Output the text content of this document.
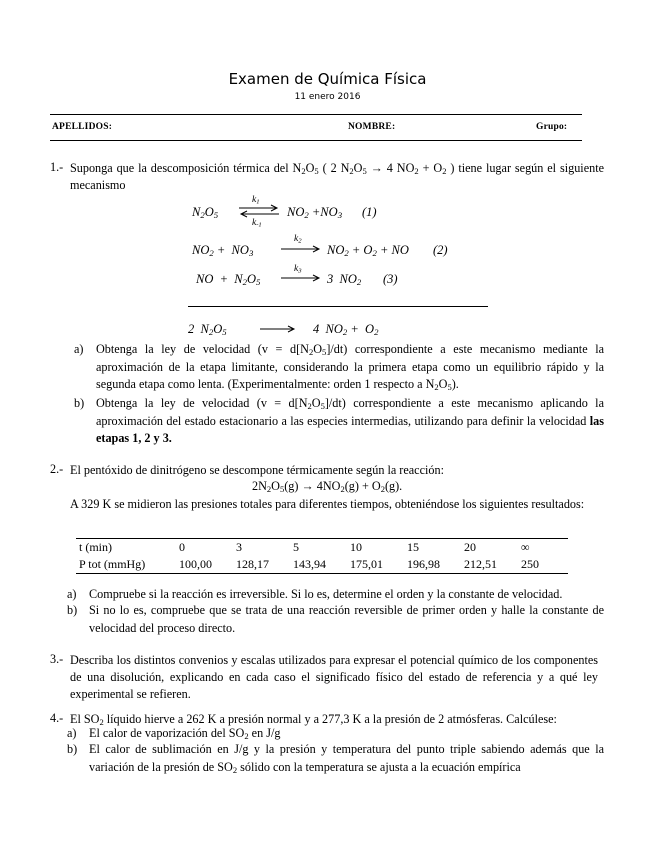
Examen de Química Física
11 enero 2016
APELLIDOS:	NOMBRE:	Grupo:
1.- Suponga que la descomposición térmica del $N_2O_5$ ( 2 $N_2O_5 \to 4$ $NO_2 + O_2$ ) tiene lugar según el siguiente mecanismo
$N_2O_5$
$k_1$
$k_{-1}$
$NO_2 +NO_3$ (1)
$NO_2 + NO_3$
$k_2$
$NO_2 + O_2$ + NO (2)
NO  +  $N_2O_5$
$k_3$
3  $NO_2$ (3)
2  $N_2O_5$	4  $NO_2 + O_2$
a) Obtenga la ley de velocidad $(v = d[N_2O_5]/dt)$ correspondiente a este mecanismo mediante la aproximación de la etapa limitante, considerando la primera etapa como un equilibrio rápido y la segunda etapa como lenta. (Experimentalmente: orden 1 respecto a $N_2O_5$).
b) Obtenga la ley de velocidad $(v = d[N_2O_5]/dt)$ correspondiente a este mecanismo aplicando la aproximación del estado estacionario a las especies intermedias, utilizando para definir la velocidad las etapas 1, 2 y 3.
2.- El pentóxido de dinitrógeno se descompone térmicamente según la reacción:
$2N_2O_5(g) \to 4NO_2(g) + O_2(g)$.
A 329 K se midieron las presiones totales para diferentes tiempos, obteniéndose los siguientes resultados:
t (min)	0	3	5	10	15	20	∞
P tot (mmHg)	100,00	128,17	143,94	175,01	196,98	212,51	250
a) Compruebe si la reacción es irreversible. Si lo es, determine el orden y la constante de velocidad.
b) Si no lo es, compruebe que se trata de una reacción reversible de primer orden y halle la constante de velocidad del proceso directo.
3.- Describa los distintos convenios y escalas utilizados para expresar el potencial químico de los componentes de una disolución, explicando en cada caso el significado físico del estado de referencia y a qué ley experimental se refieren.
4.- El $SO_2$ líquido hierve a 262 K a presión normal y a 277,3 K a la presión de 2 atmósferas. Calcúlese:
a) El calor de vaporización del $SO_2$ en J/g
b) El calor de sublimación en J/g y la presión y temperatura del punto triple sabiendo además que la variación de la presión de $SO_2$ sólido con la temperatura se ajusta a la ecuación empírica
